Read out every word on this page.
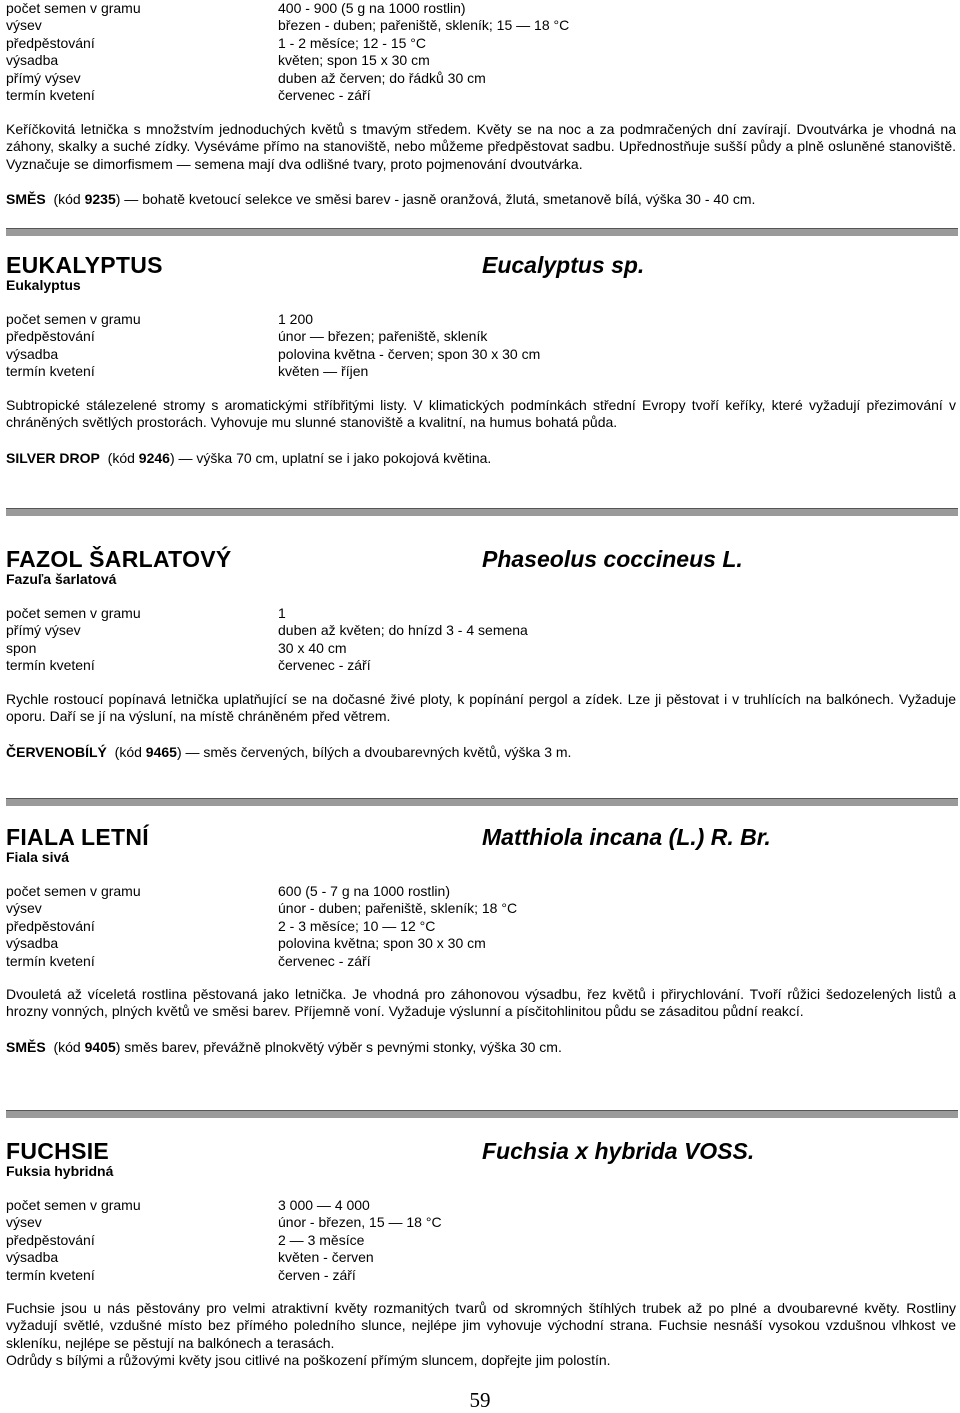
počet semen v gramu	400 - 900 (5 g na 1000 rostlin)
výsev	březen - duben; pařeniště, skleník; 15 — 18 °C
předpěstování	1 - 2 měsíce; 12 - 15 °C
výsadba	květen; spon 15 x 30 cm
přímý výsev	duben až červen; do řádků 30 cm
termín kvetení	červenec - září

Keříčkovitá letnička s množstvím jednoduchých květů s tmavým středem. Květy se na noc a za podmračených dní zavírají. Dvoutvárka je vhodná na záhony, skalky a suché zídky. Vyséváme přímo na stanoviště, nebo můžeme předpěstovat sadbu. Upřednostňuje sušší půdy a plně osluněné stanoviště. Vyznačuje se dimorfismem — semena mají dva odlišné tvary, proto pojmenování dvoutvárka.

SMĚS (kód 9235) — bohatě kvetoucí selekce ve směsi barev - jasně oranžová, žlutá, smetanově bílá, výška 30 - 40 cm.

EUKALYPTUS	Eucalyptus sp.
Eukalyptus
počet semen v gramu	1 200
předpěstování	únor — březen; pařeniště, skleník
výsadba	polovina května - červen; spon 30 x 30 cm
termín kvetení	květen — říjen

Subtropické stálezelené stromy s aromatickými stříbřitými listy. V klimatických podmínkách střední Evropy tvoří keříky, které vyžadují přezimování v chráněných světlých prostorách. Vyhovuje mu slunné stanoviště a kvalitní, na humus bohatá půda.

SILVER DROP (kód 9246) — výška 70 cm, uplatní se i jako pokojová květina.

FAZOL ŠARLATOVÝ	Phaseolus coccineus L.
Fazuľa šarlatová
počet semen v gramu	1
přímý výsev	duben až květen; do hnízd 3 - 4 semena
spon	30 x 40 cm
termín kvetení	červenec - září

Rychle rostoucí popínavá letnička uplatňující se na dočasné živé ploty, k popínání pergol a zídek. Lze ji pěstovat i v truhlících na balkónech. Vyžaduje oporu. Daří se jí na výsluní, na místě chráněném před větrem.

ČERVENOBÍLÝ (kód 9465) — směs červených, bílých a dvoubarevných květů, výška 3 m.

FIALA LETNÍ	Matthiola incana (L.) R. Br.
Fiala sivá
počet semen v gramu	600 (5 - 7 g na 1000 rostlin)
výsev	únor - duben; pařeniště, skleník; 18 °C
předpěstování	2 - 3 měsíce; 10 — 12 °C
výsadba	polovina května; spon 30 x 30 cm
termín kvetení	červenec - září

Dvouletá až víceletá rostlina pěstovaná jako letnička. Je vhodná pro záhonovou výsadbu, řez květů i přirychlování. Tvoří růžici šedozelených listů a hrozny vonných, plných květů ve směsi barev. Příjemně voní. Vyžaduje výslunní a písčitohlinitou půdu se zásaditou půdní reakcí.

SMĚS (kód 9405) směs barev, převážně plnokvětý výběr s pevnými stonky, výška 30 cm.

FUCHSIE	Fuchsia x hybrida VOSS.
Fuksia hybridná
počet semen v gramu	3 000 — 4 000
výsev	únor - březen, 15 — 18 °C
předpěstování	2 — 3 měsíce
výsadba	květen - červen
termín kvetení	červen - září

Fuchsie jsou u nás pěstovány pro velmi atraktivní květy rozmanitých tvarů od skromných štíhlých trubek až po plné a dvoubarevné květy. Rostliny vyžadují světlé, vzdušné místo bez přímého poledního slunce, nejlépe jim vyhovuje východní strana. Fuchsie nesnáší vysokou vzdušnou vlhkost ve skleníku, nejlépe se pěstují na balkónech a terasách.

Odrůdy s bílými a růžovými květy jsou citlivé na poškození přímým sluncem, dopřejte jim polostín.

59
